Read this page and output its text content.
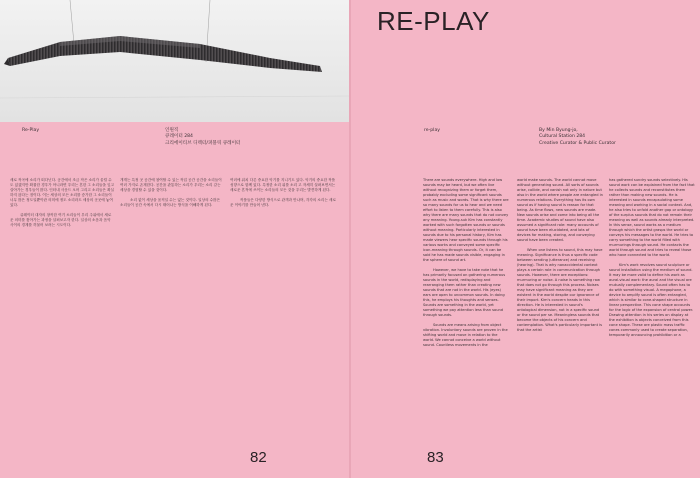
Re-Play	인원직
큐레이터 284
크리에이티브 디렉터/퍼블릭 큐레이터

새로 작곡에 소리가 떠다닌다. 공간에서 조금 작은 소리가 울릴 수도 있겠지만 확률한 경우가 아니라면 우리는 흔한 그 소리들을 잊고 살아가는 경우들이 많다. 인터내 사운드 오어 그리고 소리들은 확실하지 않다는 점이다. 이는 세상의 모든 소리를 증가한 그 소리들이 너무 많은 정도일뿐이란 의미에 정도 소리라도 세상의 곳곳에 놓여있다.

큐레이터 대자의 창작한 여기 소리들이 우리 주위에서 새로운 의미를 찾아가는 과정을 살펴보고자 한다. 일상의 소음과 음악 사이의 경계를 허물어 보려는 시도이다.

개개는 특정 곳 공간에 참여할 수 있는 작업 공간 공간을 소리들이 여러 가지로 존재한다. 공간을 관통하는 소리가 우리는 소리 같는 세상을 경험할 수 있을 것이다.

소리 없이 세상을 움직일 수는 없는 것이다. 일상의 수많은 소리들이 공간 속에서 다시 태어나는 방식을 이해하게 된다.

여러에 위치 다른 중요한 악기를 지니기도 있다. 악기의 중요한 작품 성향으로 함께 있다. 특정한 소리 위를 소리 고 자세히 살펴보면서는 새로운 흔적에 쓰이는 소리들의 모든 것을 우리는 발견하게 된다.

작품들은 다양한 방식으로 관객과 만나며, 각각의 소리는 새로운 이야기를 만들어 낸다.

82
RE-PLAY
re-play	By Min Byung-jo,
Cultural Station 284
Creative Curator & Public Curator

There are sounds everywhere. High and low sounds may be heard, but we often live without recognizing them or forget them, probably excluding some significant sounds such as music and words. That is why there are so many sounds for us to hear and we need effort to listen to them carefully. This is also why there are many sounds that do not convey any meaning. Young-suk Kim has constantly worked with such forgotten sounds or sounds without meaning. Particularly interested in sounds due to his personal history, Kim has made viewers hear specific sounds through his various works and conveyed some specific icon-meaning through sounds. Or, it can be said he has made sounds visible, engaging in the sphere of sound art.

However, we have to take note that he has primarily focused on gathering numerous sounds in the world, redisplaying and rearranging them rather than creating new sounds that are not in the world. His (eyes) ears are open to uncommon sounds. In doing this, he employs his thoughts and senses. Sounds are something in the world, yet something we pay attention less than sound through sounds.

Sounds are means arising from object vibration. Involuntary sounds are proven in the shifting world and move in relation to the world. We cannot conceive a world without sound. Countless movements in the

world make sounds. The world cannot move without generating sound. All sorts of sounds arise, collide, and vanish not only in nature but also in the world where people are entangled in numerous relations. Everything has its own sound as if having sound is reason for that being. As time flows, new sounds are made. New sounds arise and come into being all the time. Academic studies of sound have also assumed a significant role: many accounts of sound have been elucidated, and lots of devices for making, storing, and conveying sound have been created.

When one listens to sound, this may have meaning. Significance is thus a specific code between sending (utterance) and receiving (hearing). That is why nonaccidental context plays a certain role in communication through sounds. However, there are exceptions: murmuring or noise. A noise is something raw that does not go through this process. Noises may have significant meaning as they are existent in the world despite our ignorance of their import. Kim's concern heads in this direction. He is interested in sound's ontological dimension, not in a specific sound or the sound per se. Meaningless sounds that become the objects of his concern and contemplation. What's particularly important is that the artist

has gathered sundry sounds selectively. His sound work can be explained from the fact that he collects sounds and reconstitutes them rather than making new sounds. He is interested in sounds encapsulating some meaning and working in a social context. And, he also tries to unfold another gap or ontology of the surplus sounds that do not remain their meaning as well as sounds already interpreted. In this sense, sound works as a medium through which the artist grasps the world or conveys his messages to the world. He tries to carry something to the world filled with murmurings through sound. He contacts the world through sound and tries to reveal those who have connected to the world.

Kim's work revolves sound sculpture or sound installation using the medium of sound. It may be more valid to define his work as aural-visual work: the aural and the visual are mutually complementary. Sound often has to do with something visual. A megaphone, a device to amplify sound is often entangled, which is similar to cone-shaped structure in linear perspective. This cone shape accounts for the logic of the expansion of central power. Drawing attention in his series on display at the exhibition is objects conceived from this cone shape. These are plastic mass traffic cones commonly used to create separation, temporarily announcing prohibition or a

83
